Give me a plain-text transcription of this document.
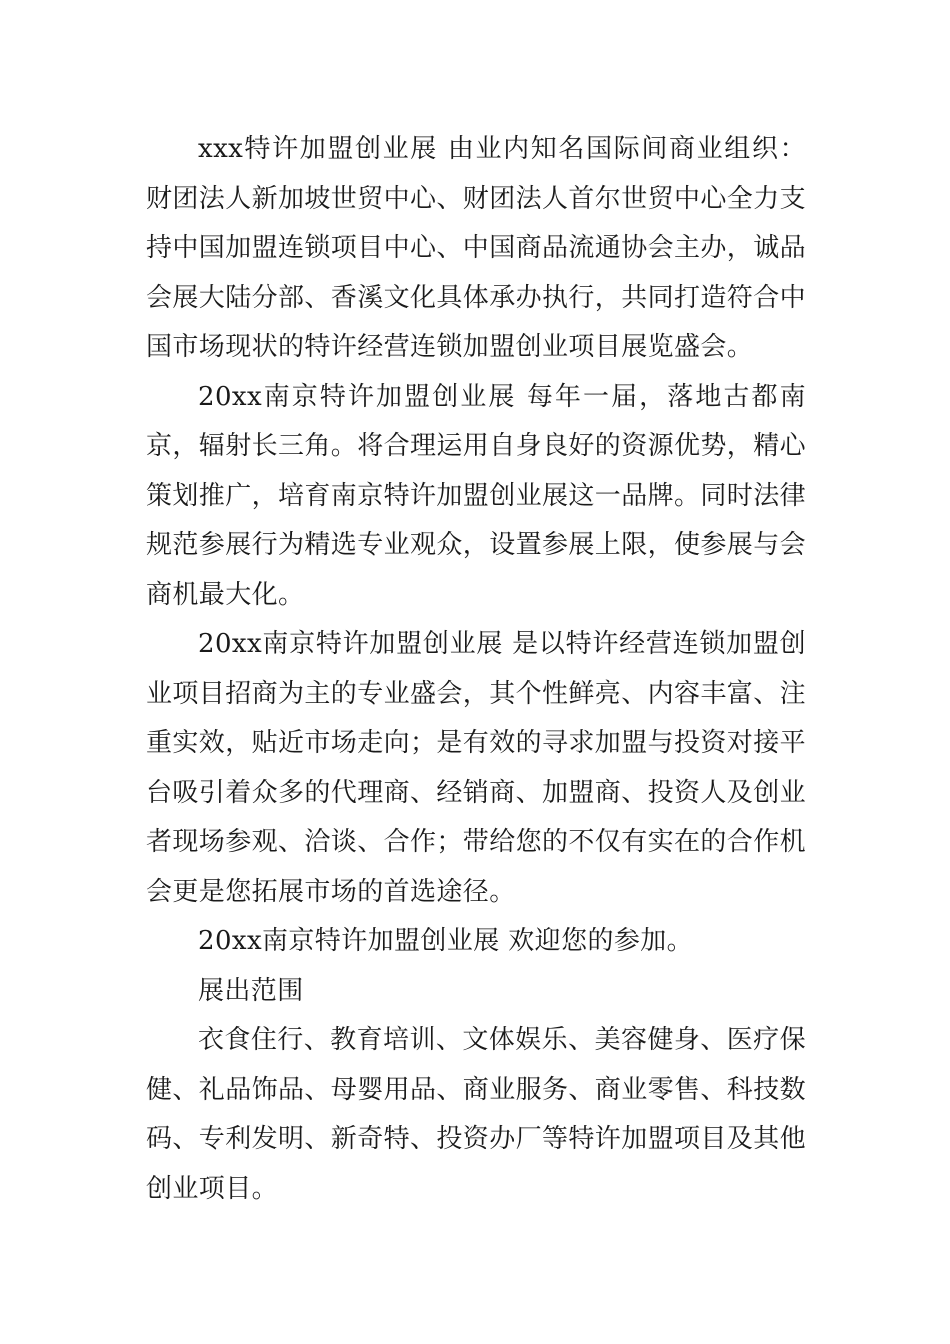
xxx特许加盟创业展 由业内知名国际间商业组织：财团法人新加坡世贸中心、财团法人首尔世贸中心全力支持中国加盟连锁项目中心、中国商品流通协会主办，诚品会展大陆分部、香溪文化具体承办执行，共同打造符合中国市场现状的特许经营连锁加盟创业项目展览盛会。

20xx南京特许加盟创业展 每年一届，落地古都南京，辐射长三角。将合理运用自身良好的资源优势，精心策划推广，培育南京特许加盟创业展这一品牌。同时法律规范参展行为精选专业观众，设置参展上限，使参展与会商机最大化。

20xx南京特许加盟创业展 是以特许经营连锁加盟创业项目招商为主的专业盛会，其个性鲜亮、内容丰富、注重实效，贴近市场走向；是有效的寻求加盟与投资对接平台吸引着众多的代理商、经销商、加盟商、投资人及创业者现场参观、洽谈、合作；带给您的不仅有实在的合作机会更是您拓展市场的首选途径。

20xx南京特许加盟创业展 欢迎您的参加。

展出范围

衣食住行、教育培训、文体娱乐、美容健身、医疗保健、礼品饰品、母婴用品、商业服务、商业零售、科技数码、专利发明、新奇特、投资办厂等特许加盟项目及其他创业项目。
